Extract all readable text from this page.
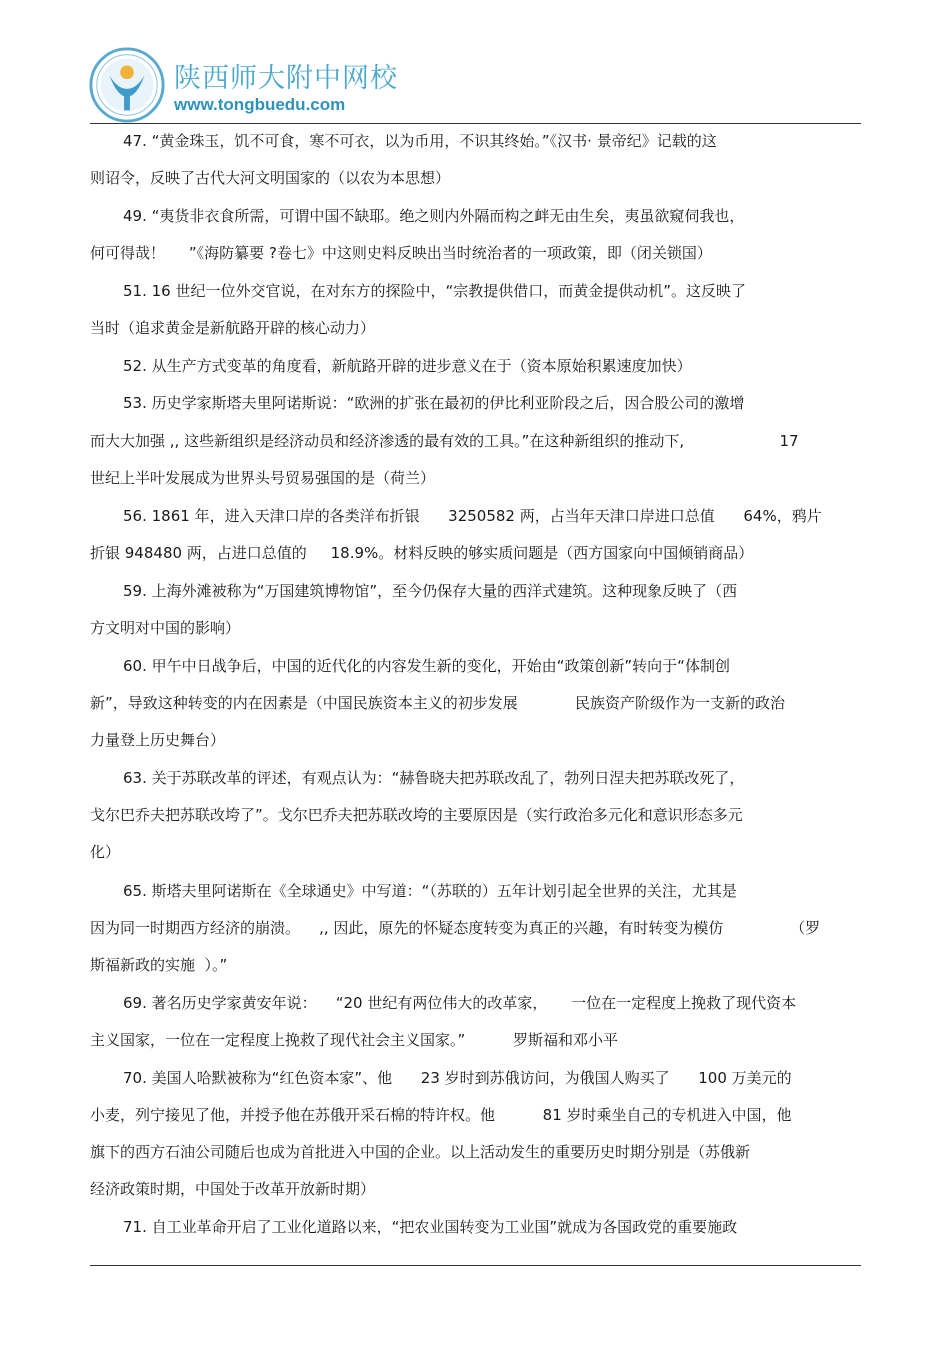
陕西师大附中网校
www.tongbuedu.com
47. “黄金珠玉，饥不可食，寒不可衣，以为币用，不识其终始。”《汉书· 景帝纪》记载的这
则诏令，反映了古代大河文明国家的（以农为本思想）
49. “夷货非衣食所需，可谓中国不缺耶。绝之则内外隔而构之衅无由生矣，夷虽欲窥伺我也，
何可得哉！     ”《海防纂要 ?卷七》中这则史料反映出当时统治者的一项政策，即（闭关锁国）
51. 16 世纪一位外交官说，在对东方的探险中，“宗教提供借口，而黄金提供动机”。这反映了
当时（追求黄金是新航路开辟的核心动力）
52. 从生产方式变革的角度看，新航路开辟的进步意义在于（资本原始积累速度加快）
53. 历史学家斯塔夫里阿诺斯说：“欧洲的扩张在最初的伊比利亚阶段之后，因合股公司的激增
而大大加强 ,, 这些新组织是经济动员和经济渗透的最有效的工具。”在这种新组织的推动下,                    17
世纪上半叶发展成为世界头号贸易强国的是（荷兰）
56. 1861 年，进入天津口岸的各类洋布折银      3250582 两，占当年天津口岸进口总值      64%，鸦片
折银 948480 两，占进口总值的     18.9%。材料反映的够实质问题是（西方国家向中国倾销商品）
59. 上海外滩被称为“万国建筑博物馆”，至今仍保存大量的西洋式建筑。这种现象反映了（西
方文明对中国的影响）
60. 甲午中日战争后，中国的近代化的内容发生新的变化，开始由“政策创新”转向于“体制创
新”，导致这种转变的内在因素是（中国民族资本主义的初步发展            民族资产阶级作为一支新的政治
力量登上历史舞台）
63. 关于苏联改革的评述，有观点认为：“赫鲁晓夫把苏联改乱了，勃列日涅夫把苏联改死了，
戈尔巴乔夫把苏联改垮了”。戈尔巴乔夫把苏联改垮的主要原因是（实行政治多元化和意识形态多元
化）
65. 斯塔夫里阿诺斯在《全球通史》中写道：“（苏联的）五年计划引起全世界的关注，尤其是
因为同一时期西方经济的崩溃。    ,, 因此，原先的怀疑态度转变为真正的兴趣，有时转变为模仿              （罗
斯福新政的实施  ）。”
69. 著名历史学家黄安年说：    “20 世纪有两位伟大的改革家，     一位在一定程度上挽救了现代资本
主义国家，一位在一定程度上挽救了现代社会主义国家。”          罗斯福和邓小平
70. 美国人哈默被称为“红色资本家”、他      23 岁时到苏俄访问，为俄国人购买了      100 万美元的
小麦，列宁接见了他，并授予他在苏俄开采石棉的特许权。他          81 岁时乘坐自己的专机进入中国，他
旗下的西方石油公司随后也成为首批进入中国的企业。以上活动发生的重要历史时期分别是（苏俄新
经济政策时期，中国处于改革开放新时期）
71. 自工业革命开启了工业化道路以来，“把农业国转变为工业国”就成为各国政党的重要施政
